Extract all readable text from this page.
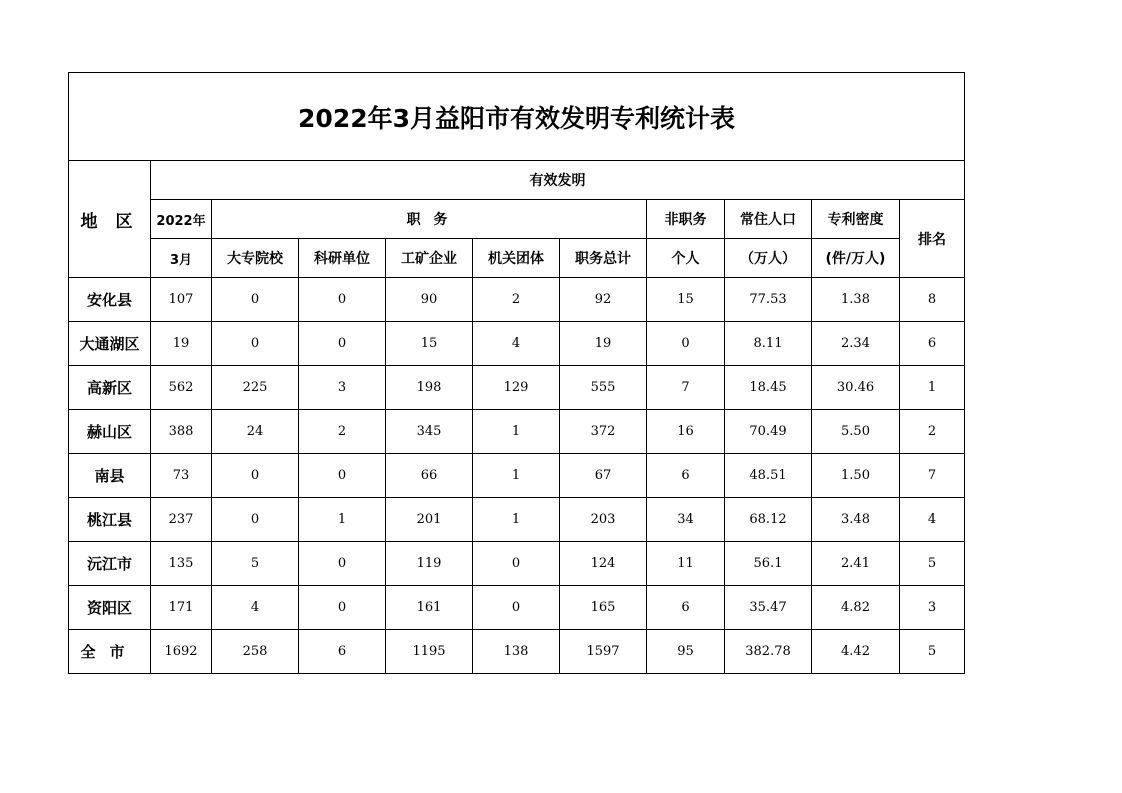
2022年3月益阳市有效发明专利统计表										
地 区	有效发明									
	2022年	职 务					非职务	常住人口	专利密度	排名
	3月	大专院校	科研单位	工矿企业	机关团体	职务总计	个人	（万人）	(件/万人)	
安化县	107	0	0	90	2	92	15	77.53	1.38	8
大通湖区	19	0	0	15	4	19	0	8.11	2.34	6
高新区	562	225	3	198	129	555	7	18.45	30.46	1
赫山区	388	24	2	345	1	372	16	70.49	5.50	2
南县	73	0	0	66	1	67	6	48.51	1.50	7
桃江县	237	0	1	201	1	203	34	68.12	3.48	4
沅江市	135	5	0	119	0	124	11	56.1	2.41	5
资阳区	171	4	0	161	0	165	6	35.47	4.82	3
全市	1692	258	6	1195	138	1597	95	382.78	4.42	5
